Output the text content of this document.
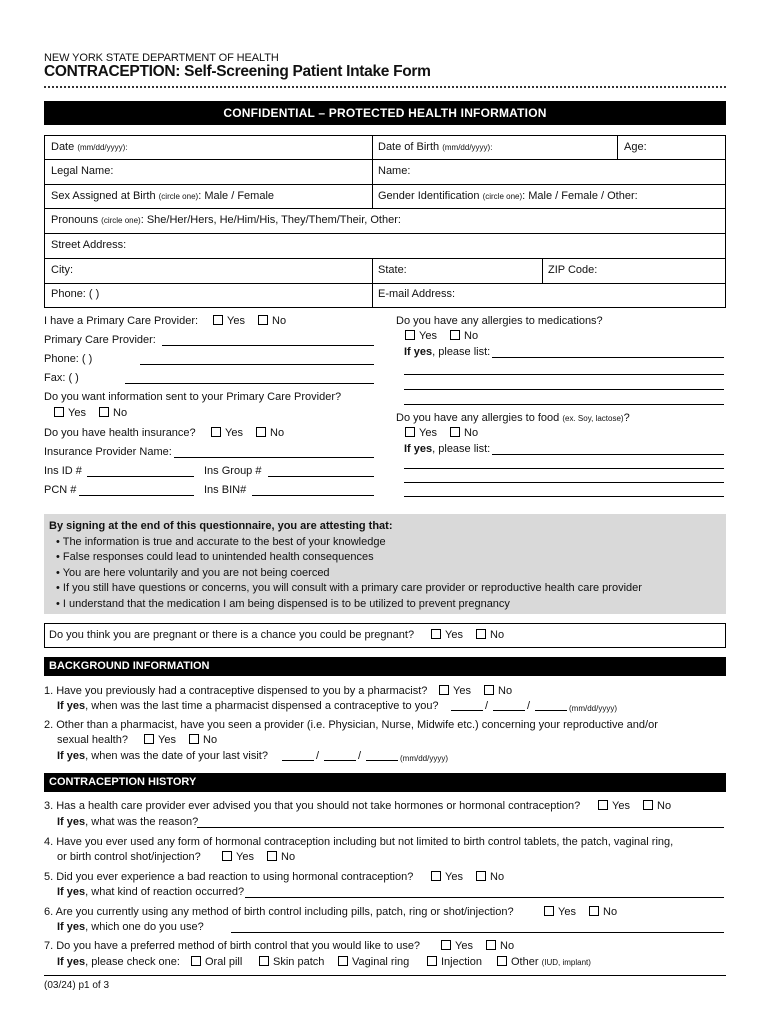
NEW YORK STATE DEPARTMENT OF HEALTH
CONTRACEPTION: Self-Screening Patient Intake Form
CONFIDENTIAL – PROTECTED HEALTH INFORMATION
Date (mm/dd/yyyy):	Date of Birth (mm/dd/yyyy):	Age:
Legal Name:	Name:
Sex Assigned at Birth (circle one): Male / Female	Gender Identification (circle one): Male / Female / Other:
Pronouns (circle one): She/Her/Hers, He/Him/His, They/Them/Their, Other:
Street Address:
City:	State:	ZIP Code:
Phone: ( )	E-mail Address:
I have a Primary Care Provider:	Yes	No
Primary Care Provider:
Phone: ( )
Fax: ( )
Do you want information sent to your Primary Care Provider?
Yes	No
Do you have health insurance?	Yes	No
Insurance Provider Name:
Ins ID #	Ins Group #
PCN #	Ins BIN#
Do you have any allergies to medications?
Yes	No
If yes, please list:
Do you have any allergies to food (ex. Soy, lactose)?
Yes	No
If yes, please list:
By signing at the end of this questionnaire, you are attesting that:
• The information is true and accurate to the best of your knowledge
• False responses could lead to unintended health consequences
• You are here voluntarily and you are not being coerced
• If you still have questions or concerns, you will consult with a primary care provider or reproductive health care provider
• I understand that the medication I am being dispensed is to be utilized to prevent pregnancy
Do you think you are pregnant or there is a chance you could be pregnant?	Yes	No
BACKGROUND INFORMATION
1. Have you previously had a contraceptive dispensed to you by a pharmacist?	Yes	No
If yes, when was the last time a pharmacist dispensed a contraceptive to you?	/	/	(mm/dd/yyyy)
2. Other than a pharmacist, have you seen a provider (i.e. Physician, Nurse, Midwife etc.) concerning your reproductive and/or
sexual health?	Yes	No
If yes, when was the date of your last visit?	/	/	(mm/dd/yyyy)
CONTRACEPTION HISTORY
3. Has a health care provider ever advised you that you should not take hormones or hormonal contraception?	Yes	No
If yes, what was the reason?
4. Have you ever used any form of hormonal contraception including but not limited to birth control tablets, the patch, vaginal ring,
or birth control shot/injection?	Yes	No
5. Did you ever experience a bad reaction to using hormonal contraception?	Yes	No
If yes, what kind of reaction occurred?
6. Are you currently using any method of birth control including pills, patch, ring or shot/injection?	Yes	No
If yes, which one do you use?
7. Do you have a preferred method of birth control that you would like to use?	Yes	No
If yes, please check one:	Oral pill	Skin patch	Vaginal ring	Injection	Other (IUD, implant)
(03/24) p1 of 3
